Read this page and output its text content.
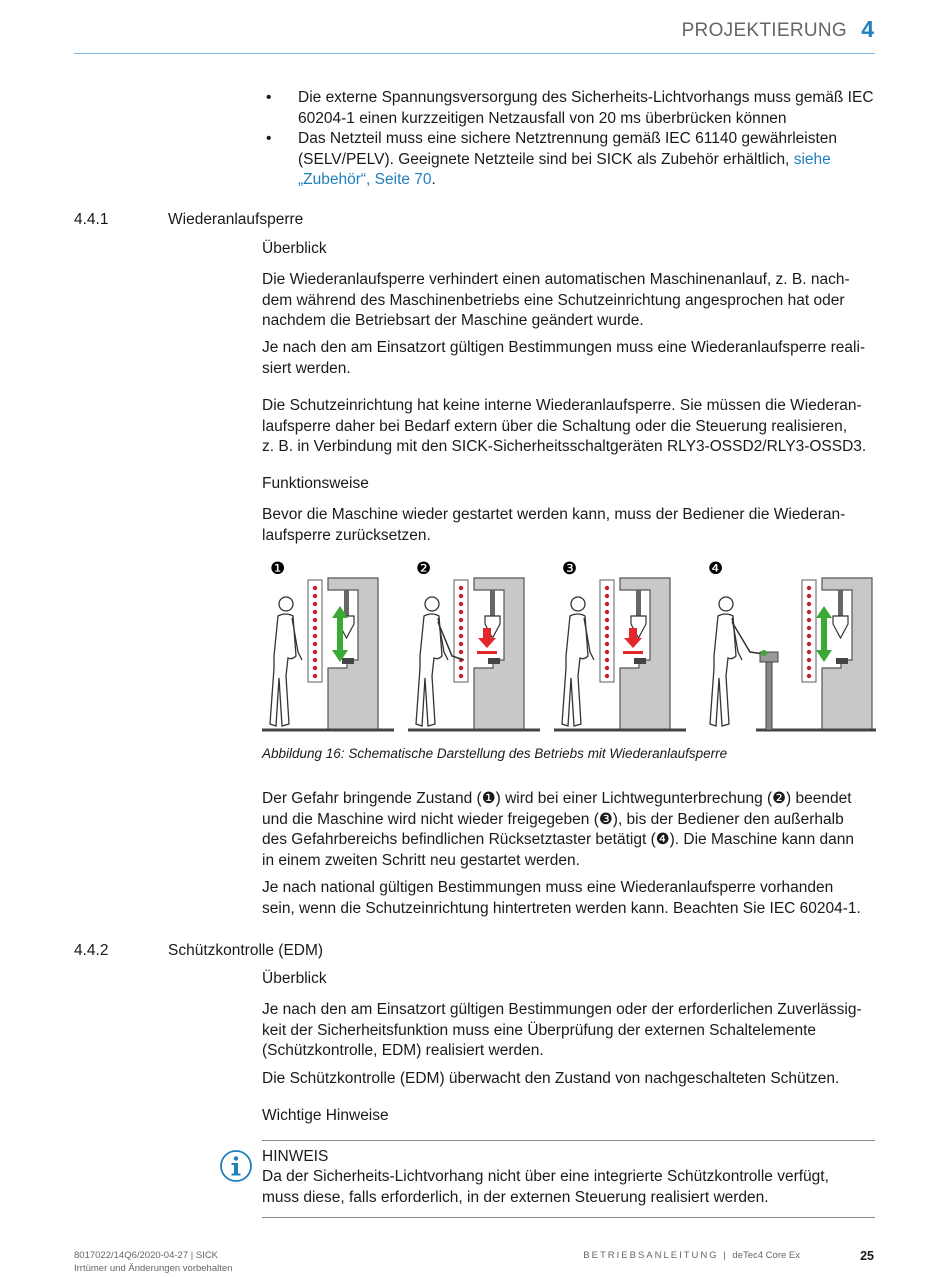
PROJEKTIERUNG 4
• Die externe Spannungsversorgung des Sicherheits-Lichtvorhangs muss gemäß IEC 60204-1 einen kurzzeitigen Netzausfall von 20 ms überbrücken können
• Das Netzteil muss eine sichere Netztrennung gemäß IEC 61140 gewährleisten (SELV/PELV). Geeignete Netzteile sind bei SICK als Zubehör erhältlich, siehe „Zubehör“, Seite 70.
4.4.1	Wiederanlaufsperre
Überblick
Die Wiederanlaufsperre verhindert einen automatischen Maschinenanlauf, z. B. nach-
dem während des Maschinenbetriebs eine Schutzeinrichtung angesprochen hat oder
nachdem die Betriebsart der Maschine geändert wurde.
Je nach den am Einsatzort gültigen Bestimmungen muss eine Wiederanlaufsperre reali-
siert werden.
Die Schutzeinrichtung hat keine interne Wiederanlaufsperre. Sie müssen die Wiederan-
laufsperre daher bei Bedarf extern über die Schaltung oder die Steuerung realisieren,
z. B. in Verbindung mit den SICK-Sicherheitsschaltgeräten RLY3-OSSD2/RLY3-OSSD3.
Funktionsweise
Bevor die Maschine wieder gestartet werden kann, muss der Bediener die Wiederan-
laufsperre zurücksetzen.
❶	❷	❸	❹
Abbildung 16: Schematische Darstellung des Betriebs mit Wiederanlaufsperre
Der Gefahr bringende Zustand (❶) wird bei einer Lichtwegunterbrechung (❷) beendet
und die Maschine wird nicht wieder freigegeben (❸), bis der Bediener den außerhalb
des Gefahrbereichs befindlichen Rücksetztaster betätigt (❹). Die Maschine kann dann
in einem zweiten Schritt neu gestartet werden.
Je nach national gültigen Bestimmungen muss eine Wiederanlaufsperre vorhanden
sein, wenn die Schutzeinrichtung hintertreten werden kann. Beachten Sie IEC 60204-1.
4.4.2	Schützkontrolle (EDM)
Überblick
Je nach den am Einsatzort gültigen Bestimmungen oder der erforderlichen Zuverlässig-
keit der Sicherheitsfunktion muss eine Überprüfung der externen Schaltelemente
(Schützkontrolle, EDM) realisiert werden.
Die Schützkontrolle (EDM) überwacht den Zustand von nachgeschalteten Schützen.
Wichtige Hinweise
HINWEIS
Da der Sicherheits-Lichtvorhang nicht über eine integrierte Schützkontrolle verfügt,
muss diese, falls erforderlich, in der externen Steuerung realisiert werden.
8017022/14Q6/2020-04-27 | SICK
Irrtümer und Änderungen vorbehalten
BETRIEBSANLEITUNG | deTec4 Core Ex	25
